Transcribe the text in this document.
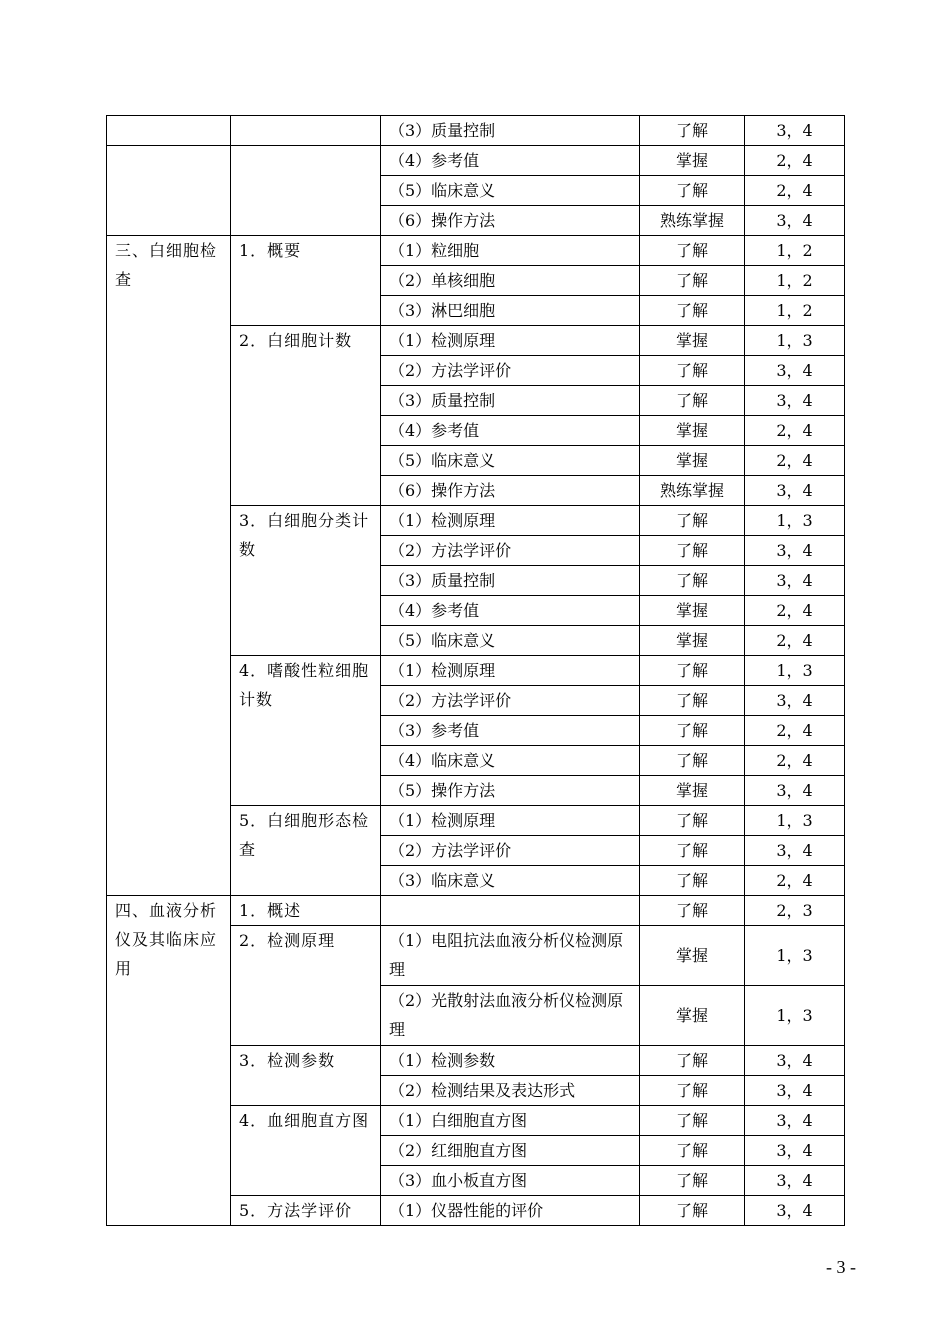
		（3）质量控制	了解	3，4
		（4）参考值	掌握	2，4
		（5）临床意义	了解	2，4
		（6）操作方法	熟练掌握	3，4
三、白细胞检查	1．概要	（1）粒细胞	了解	1，2
		（2）单核细胞	了解	1，2
		（3）淋巴细胞	了解	1，2
	2．白细胞计数	（1）检测原理	掌握	1，3
		（2）方法学评价	了解	3，4
		（3）质量控制	了解	3，4
		（4）参考值	掌握	2，4
		（5）临床意义	掌握	2，4
		（6）操作方法	熟练掌握	3，4
	3．白细胞分类计数	（1）检测原理	了解	1，3
		（2）方法学评价	了解	3，4
		（3）质量控制	了解	3，4
		（4）参考值	掌握	2，4
		（5）临床意义	掌握	2，4
	4．嗜酸性粒细胞计数	（1）检测原理	了解	1，3
		（2）方法学评价	了解	3，4
		（3）参考值	了解	2，4
		（4）临床意义	了解	2，4
		（5）操作方法	掌握	3，4
	5．白细胞形态检查	（1）检测原理	了解	1，3
		（2）方法学评价	了解	3，4
		（3）临床意义	了解	2，4
四、血液分析仪及其临床应用	1．概述		了解	2，3
	2．检测原理	（1）电阻抗法血液分析仪检测原理	掌握	1，3
		（2）光散射法血液分析仪检测原理	掌握	1，3
	3．检测参数	（1）检测参数	了解	3，4
		（2）检测结果及表达形式	了解	3，4
	4．血细胞直方图	（1）白细胞直方图	了解	3，4
		（2）红细胞直方图	了解	3，4
		（3）血小板直方图	了解	3，4
	5．方法学评价	（1）仪器性能的评价	了解	3，4
- 3 -
